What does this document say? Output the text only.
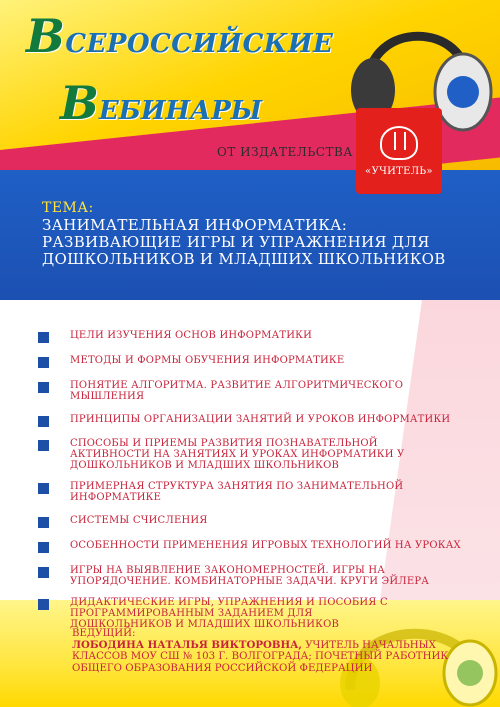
ВСЕРОССИЙСКИЕ
ВЕБИНАРЫ
ОТ ИЗДАТЕЛЬСТВА
«УЧИТЕЛЬ»
ТЕМА:
ЗАНИМАТЕЛЬНАЯ ИНФОРМАТИКА: РАЗВИВАЮЩИЕ ИГРЫ И УПРАЖНЕНИЯ ДЛЯ ДОШКОЛЬНИКОВ И МЛАДШИХ ШКОЛЬНИКОВ
ЦЕЛИ ИЗУЧЕНИЯ ОСНОВ ИНФОРМАТИКИ
МЕТОДЫ И ФОРМЫ ОБУЧЕНИЯ ИНФОРМАТИКЕ
ПОНЯТИЕ АЛГОРИТМА. РАЗВИТИЕ АЛГОРИТМИЧЕСКОГО МЫШЛЕНИЯ
ПРИНЦИПЫ ОРГАНИЗАЦИИ ЗАНЯТИЙ И УРОКОВ ИНФОРМАТИКИ
СПОСОБЫ И ПРИЕМЫ РАЗВИТИЯ ПОЗНАВАТЕЛЬНОЙ АКТИВНОСТИ НА ЗАНЯТИЯХ И УРОКАХ ИНФОРМАТИКИ У ДОШКОЛЬНИКОВ И МЛАДШИХ ШКОЛЬНИКОВ
ПРИМЕРНАЯ СТРУКТУРА ЗАНЯТИЯ ПО ЗАНИМАТЕЛЬНОЙ ИНФОРМАТИКЕ
СИСТЕМЫ СЧИСЛЕНИЯ
ОСОБЕННОСТИ ПРИМЕНЕНИЯ ИГРОВЫХ ТЕХНОЛОГИЙ НА УРОКАХ
ИГРЫ НА ВЫЯВЛЕНИЕ ЗАКОНОМЕРНОСТЕЙ. ИГРЫ НА УПОРЯДОЧЕНИЕ. КОМБИНАТОРНЫЕ ЗАДАЧИ. КРУГИ ЭЙЛЕРА
ДИДАКТИЧЕСКИЕ ИГРЫ, УПРАЖНЕНИЯ И ПОСОБИЯ С ПРОГРАММИРОВАННЫМ ЗАДАНИЕМ ДЛЯ ДОШКОЛЬНИКОВ И МЛАДШИХ ШКОЛЬНИКОВ
ВЕДУЩИЙ:
ЛОБОДИНА НАТАЛЬЯ ВИКТОРОВНА, УЧИТЕЛЬ НАЧАЛЬНЫХ КЛАССОВ МОУ СШ № 103 Г. ВОЛГОГРАДА; ПОЧЕТНЫЙ РАБОТНИК ОБЩЕГО ОБРАЗОВАНИЯ РОССИЙСКОЙ ФЕДЕРАЦИИ
